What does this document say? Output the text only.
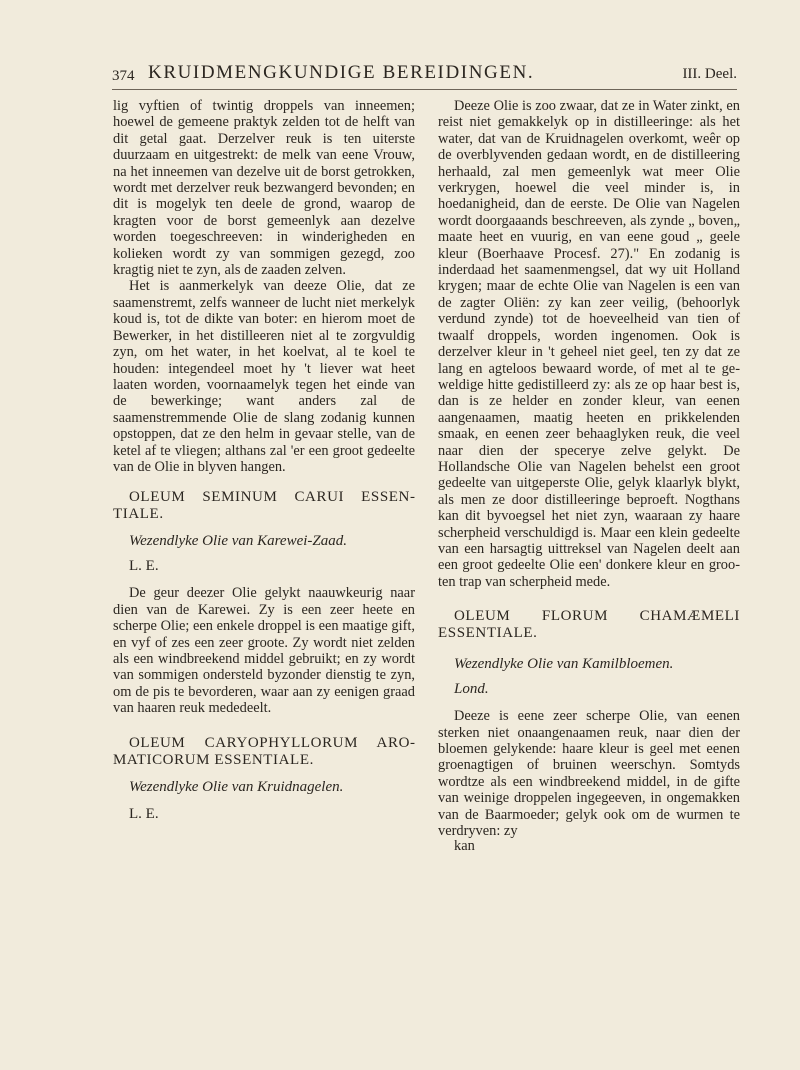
374 KRUIDMENGKUNDIGE BEREIDINGEN.	III. Deel.

lig vyftien of twintig droppels van inneemen; hoewel de gemeene praktyk zelden tot de helft van dit getal gaat. Derzelver reuk is ten uiterste duurzaam en uitgestrekt: de melk van eene Vrouw, na het inneemen van dezelve uit de borst getrokken, wordt met derzelver reuk bezwangerd bevonden; en dit is mogelyk ten deele de grond, waarop de kragten voor de borst gemeenlyk aan dezelve worden toegeschreeven: in winderigheden en kolieken wordt zy van sommigen gezegd, zoo kragtig niet te zyn, als de zaaden zelven.

Het is aanmerkelyk van deeze Olie, dat ze saamenstremt, zelfs wanneer de lucht niet merkelyk koud is, tot de dikte van boter: en hierom moet de Bewerker, in het distilleeren niet al te zorgvuldig zyn, om het water, in het koelvat, al te koel te houden: integendeel moet hy 't liever wat heet laaten worden, voornaamelyk tegen het einde van de bewerkinge; want anders zal de saamenstremmende Olie de slang zodanig kunnen opstoppen, dat ze den helm in gevaar stelle, van de ketel af te vliegen; althans zal 'er een groot gedeelte van de Olie in blyven hangen.

OLEUM SEMINUM CARUI ESSENTIALE.

Wezendlyke Olie van Karewei-Zaad.

L. E.

De geur deezer Olie gelykt naauwkeurig naar dien van de Karewei. Zy is een zeer heete en scherpe Olie; een enkele droppel is een maatige gift, en vyf of zes een zeer groote. Zy wordt niet zelden als een windbreekend middel gebruikt; en zy wordt van sommigen ondersteld byzonder dienstig te zyn, om de pis te bevorderen, waar aan zy eenigen graad van haaren reuk mededeelt.

OLEUM CARYOPHYLLORUM AROMATICORUM ESSENTIALE.

Wezendlyke Olie van Kruidnagelen.

L. E.

Deeze Olie is zoo zwaar, dat ze in Water zinkt, en reist niet gemakkelyk op in distilleeringe: als het water, dat van de Kruidnagelen overkomt, weêr op de overblyvenden gedaan wordt, en de distilleering herhaald, zal men gemeenlyk wat meer Olie verkrygen, hoewel die veel minder is, in hoedanigheid, dan de eerste. De Olie van Nagelen wordt doorgaaands beschreeven, als zynde „ boven„ maate heet en vuurig, en van eene goud „ geele kleur (Boerhaave Procesf. 27)." En zodanig is inderdaad het saamenmengsel, dat wy uit Holland krygen; maar de echte Olie van Nagelen is een van de zagter Oliën: zy kan zeer veilig, (behoorlyk verdund zynde) tot de hoeveelheid van tien of twaalf droppels, worden ingenomen. Ook is derzelver kleur in 't geheel niet geel, ten zy dat ze lang en agteloos bewaard worde, of met al te geweldige hitte gedistilleerd zy: als ze op haar best is, dan is ze helder en zonder kleur, van eenen aangenaamen, maatig heeten en prikkelenden smaak, en eenen zeer behaaglyken reuk, die veel naar dien der speceryе zelve gelykt. De Hollandsche Olie van Nagelen behelst een groot gedeelte van uitgeperste Olie, gelyk klaarlyk blykt, als men ze door distilleeringe beproeft. Nogthans kan dit byvoegsel het niet zyn, waaraan zy haare scherpheid verschuldigd is. Maar een klein gedeelte van een harsagtig uittreksel van Nagelen deelt aan een groot gedeelte Olie een' donkere kleur en grooten trap van scherpheid mede.

OLEUM FLORUM CHAMÆMELI ESSENTIALE.

Wezendlyke Olie van Kamilbloemen.

Lond.

Deeze is eene zeer scherpe Olie, van eenen sterken niet onaangenaamen reuk, naar dien der bloemen gelykende: haare kleur is geel met eenen groenagtigen of bruinen weerschyn. Somtyds wordtze als een windbreekend middel, in de gifte van weinige droppelen ingegeeven, in ongemakken van de Baarmoeder; gelyk ook om de wurmen te verdryven: zy

kan
